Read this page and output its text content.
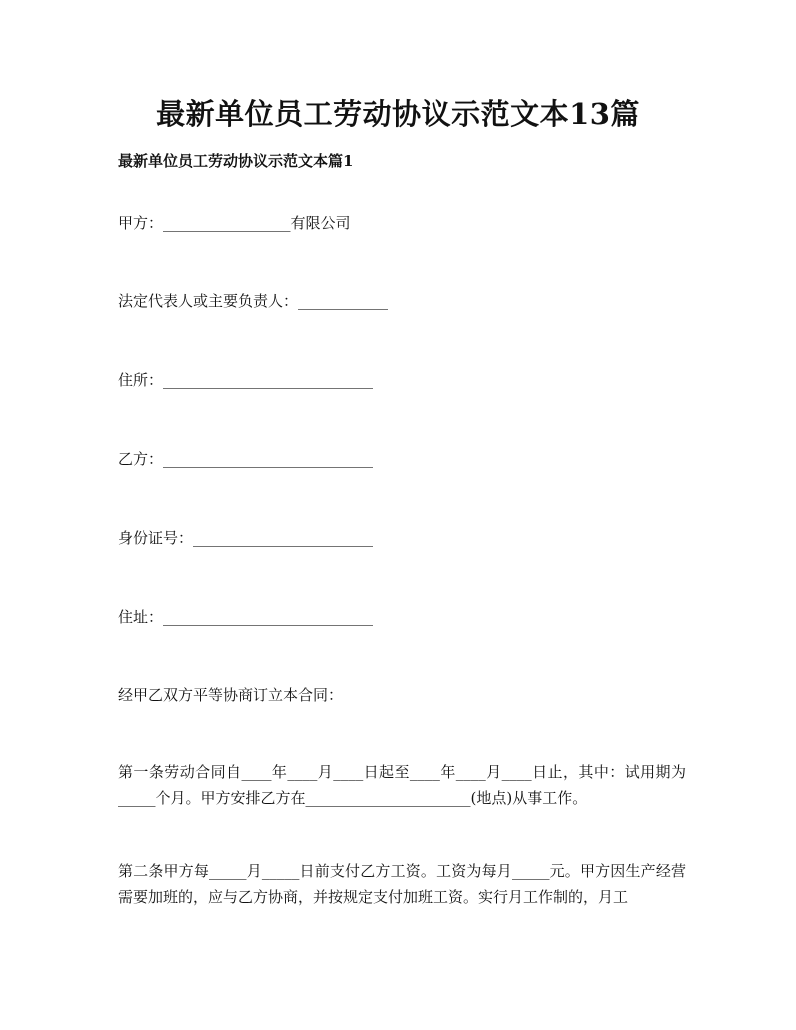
最新单位员工劳动协议示范文本13篇
最新单位员工劳动协议示范文本篇1

甲方：_________________有限公司

法定代表人或主要负责人：____________

住所：____________________________

乙方：____________________________

身份证号：________________________

住址：____________________________

经甲乙双方平等协商订立本合同：

第一条劳动合同自____年____月____日起至____年____月____日止，其中：试用期为_____个月。甲方安排乙方在______________________(地点)从事工作。

第二条甲方每_____月_____日前支付乙方工资。工资为每月_____元。甲方因生产经营需要加班的，应与乙方协商，并按规定支付加班工资。实行月工作制的，月工
